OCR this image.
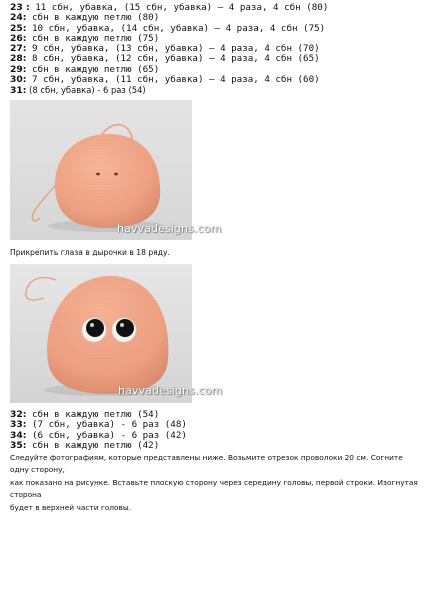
23 : 11 сбн, убавка, (15 сбн, убавка) – 4 раза, 4 сбн (80)
24: сбн в каждую петлю (80)
25: 10 сбн, убавка, (14 сбн, убавка) – 4 раза, 4 сбн (75)
26: сбн в каждую петлю (75)
27: 9 сбн, убавка, (13 сбн, убавка) – 4 раза, 4 сбн (70)
28: 8 сбн, убавка, (12 сбн, убавка) – 4 раза, 4 сбн (65)
29: сбн в каждую петлю (65)
30: 7 сбн, убавка, (11 сбн, убавка) – 4 раза, 4 сбн (60)
31: (8 сбн, убавка) - 6 раз (54)
havvadesigns.com
Прикрепить глаза в дырочки в 18 ряду.
havvadesigns.com
32: сбн в каждую петлю (54)
33: (7 сбн, убавка) - 6 раз (48)
34: (6 сбн, убавка) - 6 раз (42)
35: сбн в каждую петлю (42)
Следуйте фотографиям, которые представлены ниже. Возьмите отрезок проволоки 20 см. Согните одну сторону,
как показано на рисунке. Вставьте плоскую сторону через середину головы, первой строки. Изогнутая сторона
будет в верхней части головы.
